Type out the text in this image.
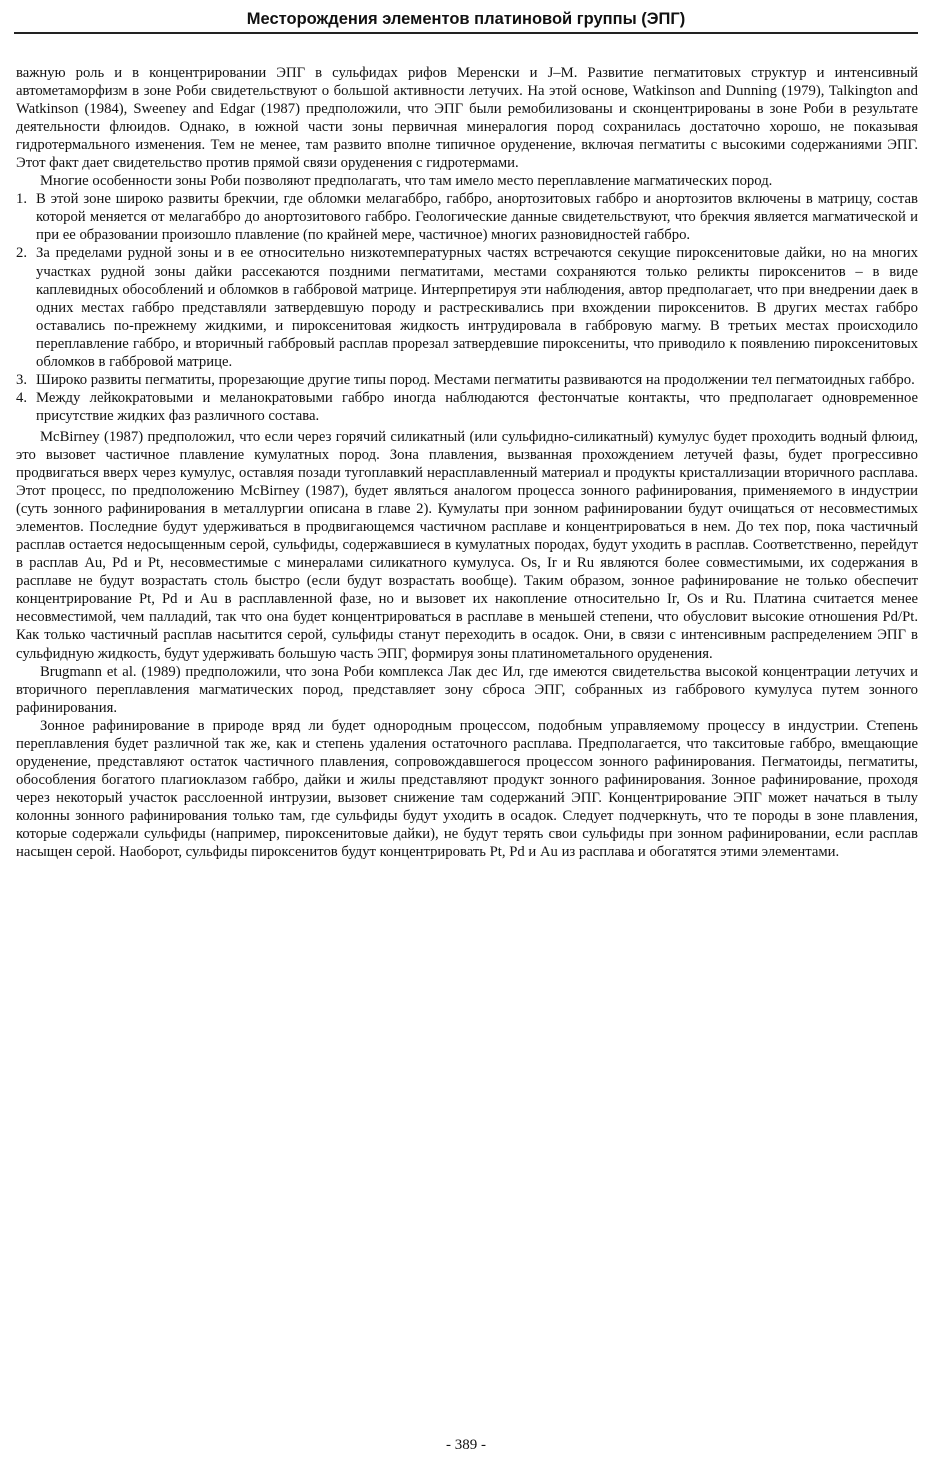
Месторождения элементов платиновой группы (ЭПГ)

важную роль и в концентрировании ЭПГ в сульфидах рифов Меренски и J–M. Развитие пегматитовых структур и интенсивный автометаморфизм в зоне Роби свидетельствуют о большой активности летучих. На этой основе, Watkinson and Dunning (1979), Talkington and Watkinson (1984), Sweeney and Edgar (1987) предположили, что ЭПГ были ремобилизованы и сконцентрированы в зоне Роби в результате деятельности флюидов. Однако, в южной части зоны первичная минералогия пород сохранилась достаточно хорошо, не показывая гидротермального изменения. Тем не менее, там развито вполне типичное оруденение, включая пегматиты с высокими содержаниями ЭПГ. Этот факт дает свидетельство против прямой связи оруденения с гидротермами.

Многие особенности зоны Роби позволяют предполагать, что там имело место переплавление магматических пород.

1. В этой зоне широко развиты брекчии, где обломки мелагаббро, габбро, анортозитовых габбро и анортозитов включены в матрицу, состав которой меняется от мелагаббро до анортозитового габбро. Геологические данные свидетельствуют, что брекчия является магматической и при ее образовании произошло плавление (по крайней мере, частичное) многих разновидностей габбро.
2. За пределами рудной зоны и в ее относительно низкотемпературных частях встречаются секущие пироксенитовые дайки, но на многих участках рудной зоны дайки рассекаются поздними пегматитами, местами сохраняются только реликты пироксенитов – в виде каплевидных обособлений и обломков в габбровой матрице. Интерпретируя эти наблюдения, автор предполагает, что при внедрении даек в одних местах габбро представляли затвердевшую породу и растрескивались при вхождении пироксенитов. В других местах габбро оставались по-прежнему жидкими, и пироксенитовая жидкость интрудировала в габбровую магму. В третьих местах происходило переплавление габбро, и вторичный габбровый расплав прорезал затвердевшие пироксениты, что приводило к появлению пироксенитовых обломков в габбровой матрице.
3. Широко развиты пегматиты, прорезающие другие типы пород. Местами пегматиты развиваются на продолжении тел пегматоидных габбро.
4. Между лейкократовыми и меланократовыми габбро иногда наблюдаются фестончатые контакты, что предполагает одновременное присутствие жидких фаз различного состава.

McBirney (1987) предположил, что если через горячий силикатный (или сульфидно-силикатный) кумулус будет проходить водный флюид, это вызовет частичное плавление кумулатных пород. Зона плавления, вызванная прохождением летучей фазы, будет прогрессивно продвигаться вверх через кумулус, оставляя позади тугоплавкий нерасплавленный материал и продукты кристаллизации вторичного расплава. Этот процесс, по предположению McBirney (1987), будет являться аналогом процесса зонного рафинирования, применяемого в индустрии (суть зонного рафинирования в металлургии описана в главе 2). Кумулаты при зонном рафинировании будут очищаться от несовместимых элементов. Последние будут удерживаться в продвигающемся частичном расплаве и концентрироваться в нем. До тех пор, пока частичный расплав остается недосыщенным серой, сульфиды, содержавшиеся в кумулатных породах, будут уходить в расплав. Соответственно, перейдут в расплав Au, Pd и Pt, несовместимые с минералами силикатного кумулуса. Os, Ir и Ru являются более совместимыми, их содержания в расплаве не будут возрастать столь быстро (если будут возрастать вообще). Таким образом, зонное рафинирование не только обеспечит концентрирование Pt, Pd и Au в расплавленной фазе, но и вызовет их накопление относительно Ir, Os и Ru. Платина считается менее несовместимой, чем палладий, так что она будет концентрироваться в расплаве в меньшей степени, что обусловит высокие отношения Pd/Pt. Как только частичный расплав насытится серой, сульфиды станут переходить в осадок. Они, в связи с интенсивным распределением ЭПГ в сульфидную жидкость, будут удерживать большую часть ЭПГ, формируя зоны платинометального оруденения.

Brugmann et al. (1989) предположили, что зона Роби комплекса Лак дес Ил, где имеются свидетельства высокой концентрации летучих и вторичного переплавления магматических пород, представляет зону сброса ЭПГ, собранных из габбрового кумулуса путем зонного рафинирования.

Зонное рафинирование в природе вряд ли будет однородным процессом, подобным управляемому процессу в индустрии. Степень переплавления будет различной так же, как и степень удаления остаточного расплава. Предполагается, что такситовые габбро, вмещающие оруденение, представляют остаток частичного плавления, сопровождавшегося процессом зонного рафинирования. Пегматоиды, пегматиты, обособления богатого плагиоклазом габбро, дайки и жилы представляют продукт зонного рафинирования. Зонное рафинирование, проходя через некоторый участок расслоенной интрузии, вызовет снижение там содержаний ЭПГ. Концентрирование ЭПГ может начаться в тылу колонны зонного рафинирования только там, где сульфиды будут уходить в осадок. Следует подчеркнуть, что те породы в зоне плавления, которые содержали сульфиды (например, пироксенитовые дайки), не будут терять свои сульфиды при зонном рафинировании, если расплав насыщен серой. Наоборот, сульфиды пироксенитов будут концентрировать Pt, Pd и Au из расплава и обогатятся этими элементами.

- 389 -
